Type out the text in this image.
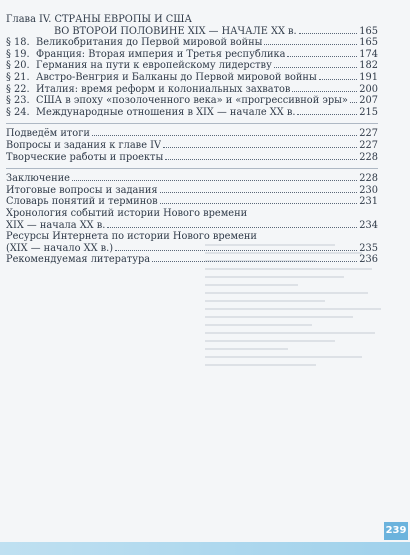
Глава IV. СТРАНЫ ЕВРОПЫ И США
ВО ВТОРОЙ ПОЛОВИНЕ XIX — НАЧАЛЕ XX в.	165
§ 18. Великобритания до Первой мировой войны	165
§ 19. Франция: Вторая империя и Третья республика	174
§ 20. Германия на пути к европейскому лидерству	182
§ 21. Австро-Венгрия и Балканы до Первой мировой войны	191
§ 22. Италия: время реформ и колониальных захватов	200
§ 23. США в эпоху «позолоченного века» и «прогрессивной эры» 207
§ 24. Международные отношения в XIX — начале XX в.	215
Подведём итоги	227
Вопросы и задания к главе IV	227
Творческие работы и проекты	228
Заключение	228
Итоговые вопросы и задания	230
Словарь понятий и терминов	231
Хронология событий истории Нового времени
XIX — начала XX в.	234
Ресурсы Интернета по истории Нового времени
(XIX — начало XX в.)	235
Рекомендуемая литература	236
239
